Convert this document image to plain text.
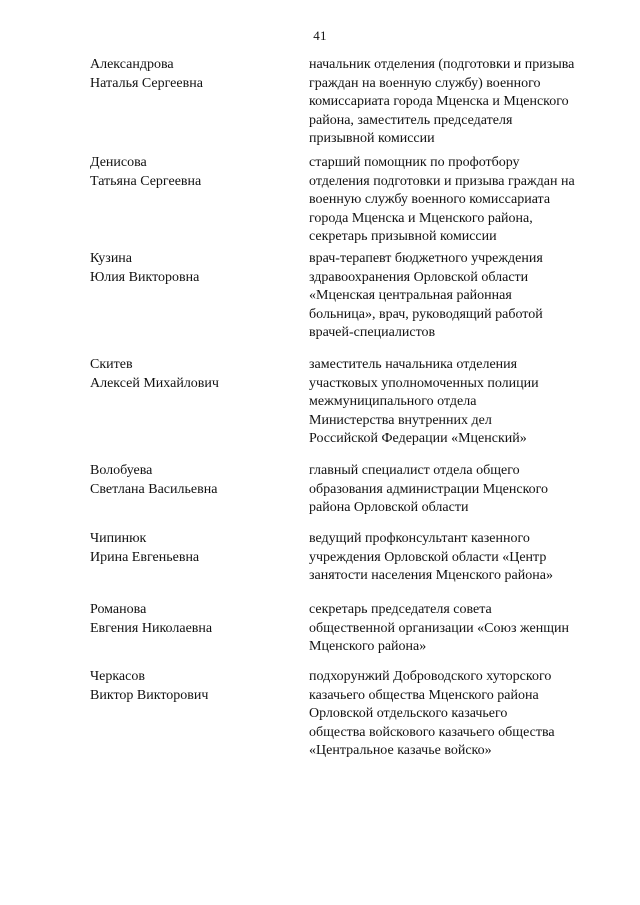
41
Александрова
Наталья Сергеевна
начальник отделения (подготовки и призыва
граждан на военную службу) военного
комиссариата города Мценска и Мценского
района, заместитель председателя
призывной комиссии
Денисова
Татьяна Сергеевна
старший помощник по профотбору
отделения подготовки и призыва граждан на
военную службу военного комиссариата
города Мценска и Мценского района,
секретарь призывной комиссии
Кузина
Юлия Викторовна
врач-терапевт бюджетного учреждения
здравоохранения Орловской области
«Мценская центральная районная
больница», врач, руководящий работой
врачей-специалистов
Скитев
Алексей Михайлович
заместитель начальника отделения
участковых уполномоченных полиции
межмуниципального отдела
Министерства внутренних дел
Российской Федерации «Мценский»
Волобуева
Светлана Васильевна
главный специалист отдела общего
образования администрации Мценского
района Орловской области
Чипинюк
Ирина Евгеньевна
ведущий профконсультант казенного
учреждения Орловской области «Центр
занятости населения Мценского района»
Романова
Евгения Николаевна
секретарь председателя совета
общественной организации «Союз женщин
Мценского района»
Черкасов
Виктор Викторович
подхорунжий Доброводского хуторского
казачьего общества Мценского района
Орловской отдельского казачьего
общества войскового казачьего общества
«Центральное казачье войско»
